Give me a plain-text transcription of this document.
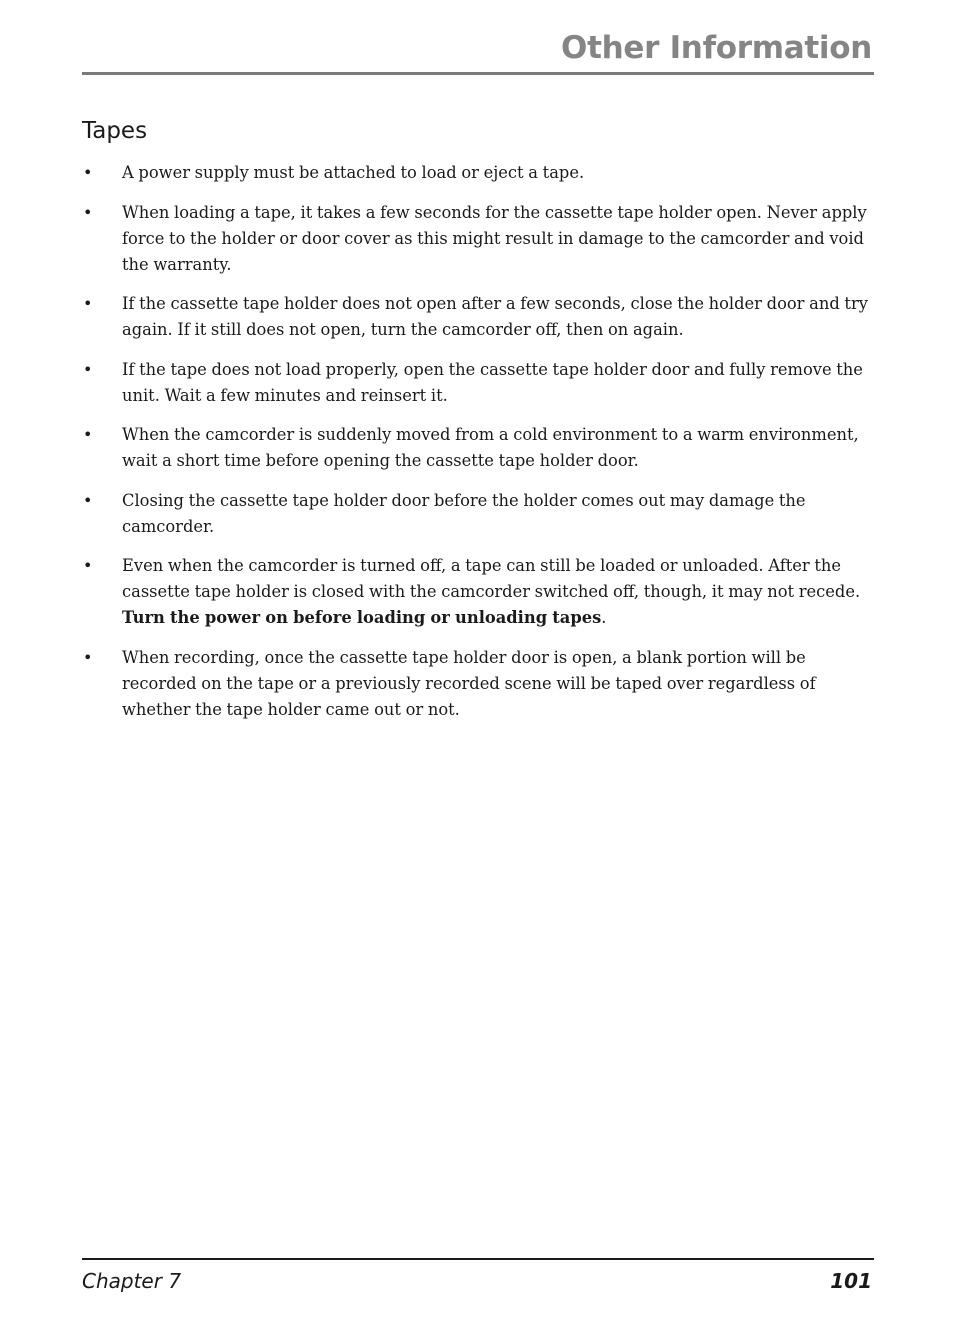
Other Information
Tapes
• A power supply must be attached to load or eject a tape.
• When loading a tape, it takes a few seconds for the cassette tape holder open. Never apply force to the holder or door cover as this might result in damage to the camcorder and void the warranty.
• If the cassette tape holder does not open after a few seconds, close the holder door and try again. If it still does not open, turn the camcorder off, then on again.
• If the tape does not load properly, open the cassette tape holder door and fully remove the unit. Wait a few minutes and reinsert it.
• When the camcorder is suddenly moved from a cold environment to a warm environment, wait a short time before opening the cassette tape holder door.
• Closing the cassette tape holder door before the holder comes out may damage the camcorder.
• Even when the camcorder is turned off, a tape can still be loaded or unloaded. After the cassette tape holder is closed with the camcorder switched off, though, it may not recede. Turn the power on before loading or unloading tapes.
• When recording, once the cassette tape holder door is open, a blank portion will be recorded on the tape or a previously recorded scene will be taped over regardless of whether the tape holder came out or not.
Chapter 7	101
